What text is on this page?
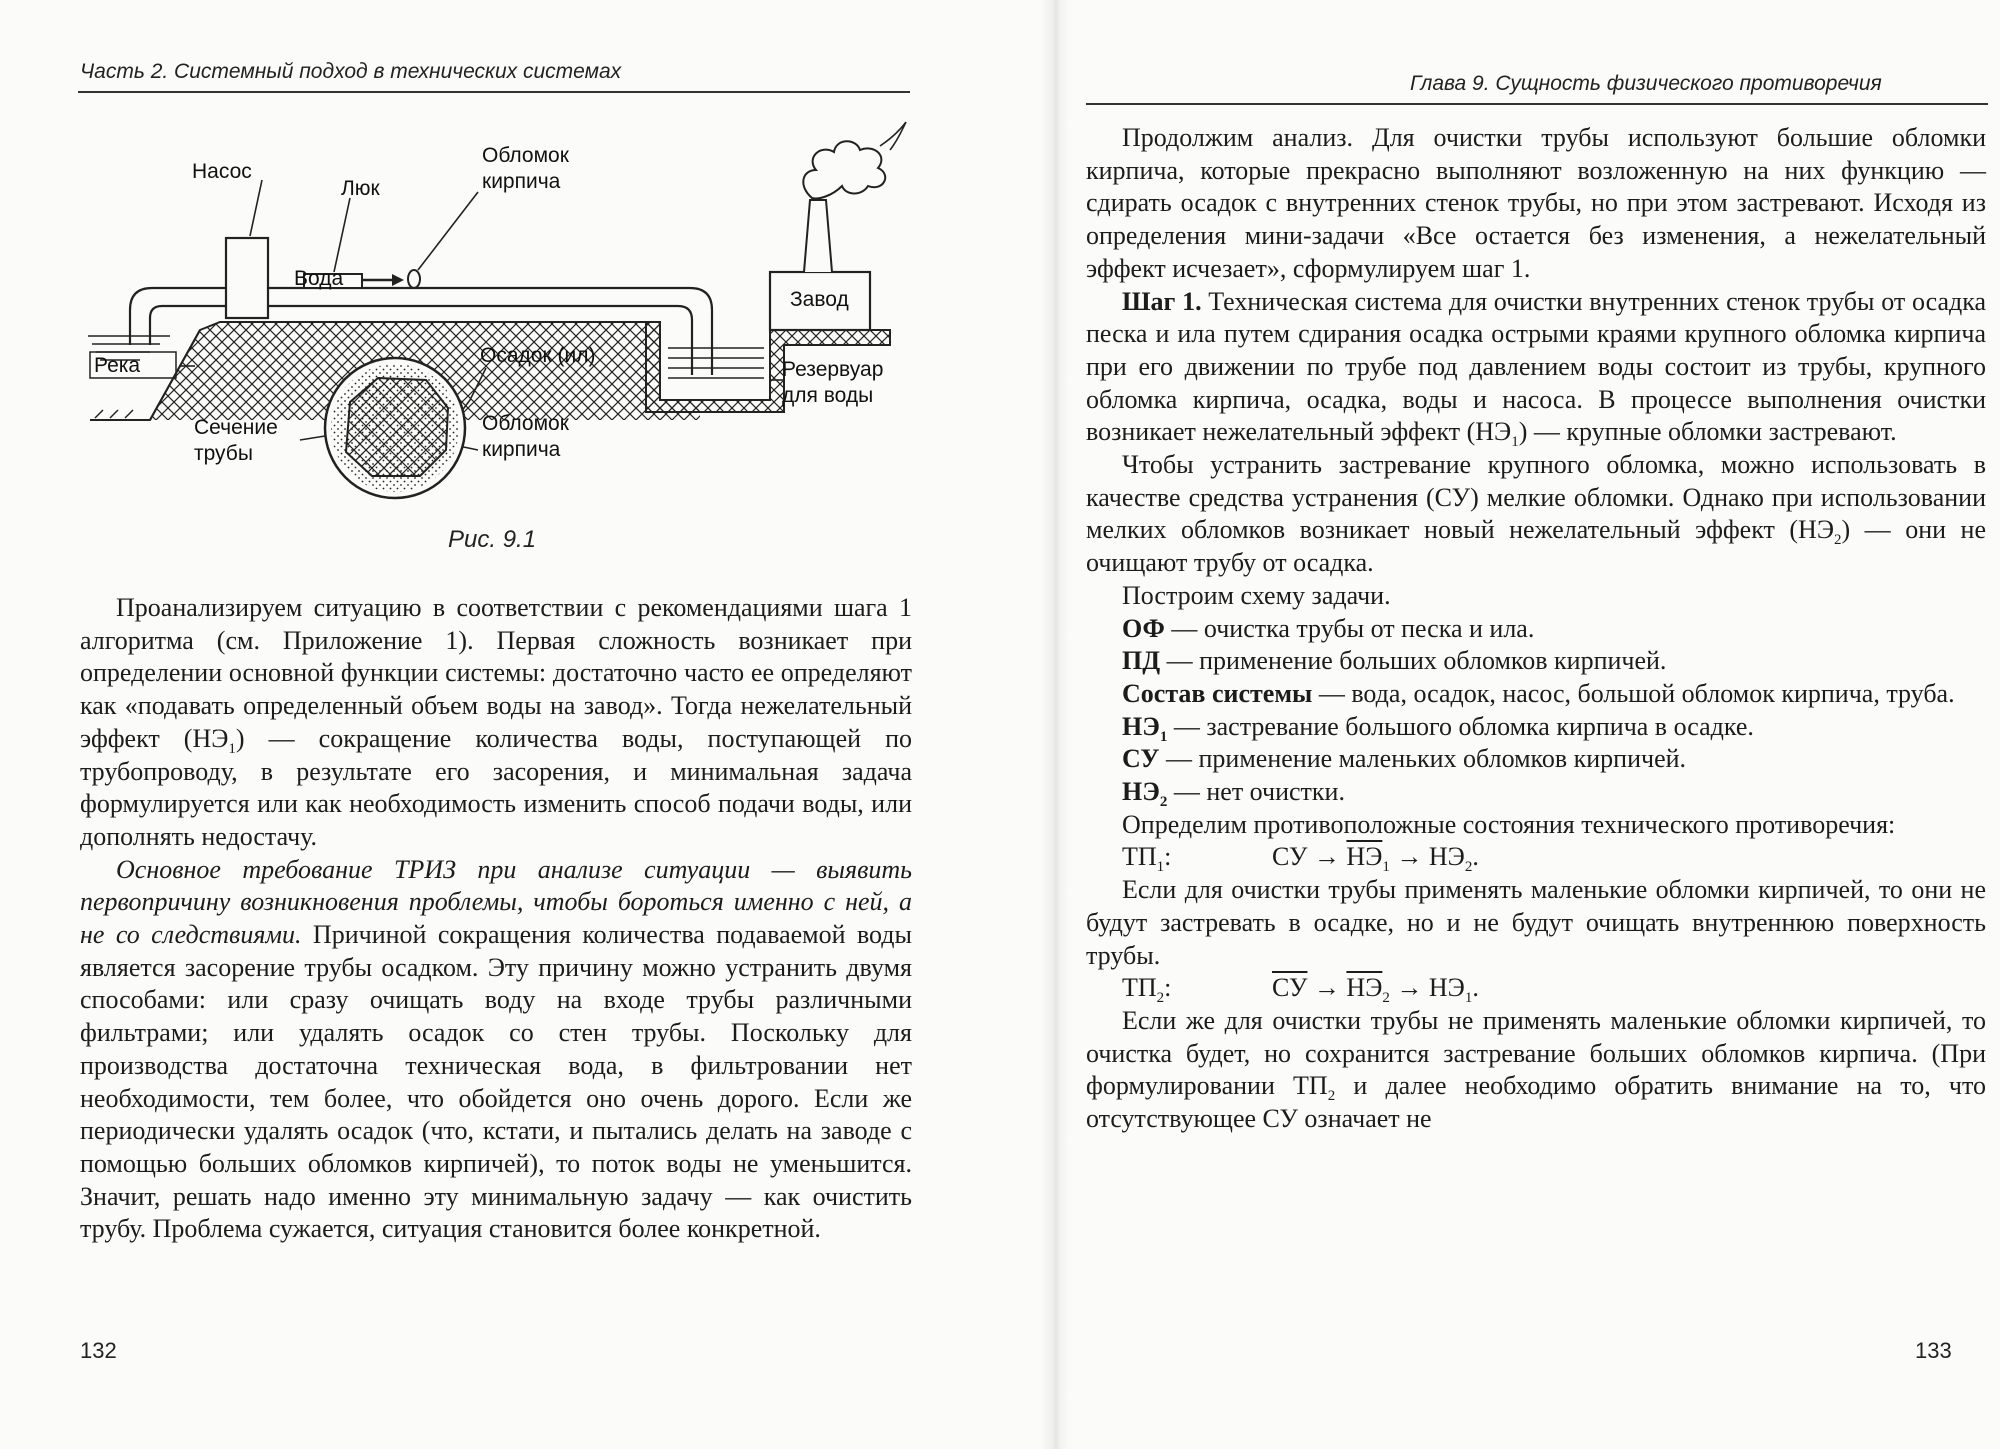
Часть 2. Системный подход в технических системах
Насос
Люк
Обломок
кирпича
Вода
Завод
Река	Осадок (ил)
Резервуар
для воды
Сечение
трубы
Обломок
кирпича
Рис. 9.1

Проанализируем ситуацию в соответствии с рекомендациями шага 1 алгоритма (см. Приложение 1). Первая сложность возникает при определении основной функции системы: достаточно часто ее определяют как «подавать определенный объем воды на завод». Тогда нежелательный эффект $(НЭ_1)$ — сокращение количества воды, поступающей по трубопроводу, в результате его засорения, и минимальная задача формулируется или как необходимость изменить способ подачи воды, или дополнять недостачу.

Основное требование ТРИЗ при анализе ситуации — выявить первопричину возникновения проблемы, чтобы бороться именно с ней, а не со следствиями. Причиной сокращения количества подаваемой воды является засорение трубы осадком. Эту причину можно устранить двумя способами: или сразу очищать воду на входе трубы различными фильтрами; или удалять осадок со стен трубы. Поскольку для производства достаточна техническая вода, в фильтровании нет необходимости, тем более, что обойдется оно очень дорого. Если же периодически удалять осадок (что, кстати, и пытались делать на заводе с помощью больших обломков кирпичей), то поток воды не уменьшится. Значит, решать надо именно эту минимальную задачу — как очистить трубу. Проблема сужается, ситуация становится более конкретной.

132
Глава 9. Сущность физического противоречия

Продолжим анализ. Для очистки трубы используют большие обломки кирпича, которые прекрасно выполняют возложенную на них функцию — сдирать осадок с внутренних стенок трубы, но при этом застревают. Исходя из определения мини-задачи «Все остается без изменения, а нежелательный эффект исчезает», сформулируем шаг 1.

Шаг 1. Техническая система для очистки внутренних стенок трубы от осадка песка и ила путем сдирания осадка острыми краями крупного обломка кирпича при его движении по трубе под давлением воды состоит из трубы, крупного обломка кирпича, осадка, воды и насоса. В процессе выполнения очистки возникает нежелательный эффект $(НЭ_1)$ — крупные обломки застревают.

Чтобы устранить застревание крупного обломка, можно использовать в качестве средства устранения (СУ) мелкие обломки. Однако при использовании мелких обломков возникает новый нежелательный эффект $(НЭ_2)$ — они не очищают трубу от осадка.

Построим схему задачи.

ОФ — очистка трубы от песка и ила.

ПД — применение больших обломков кирпичей.

Состав системы — вода, осадок, насос, большой обломок кирпича, труба.

$НЭ_1$ — застревание большого обломка кирпича в осадке.

СУ — применение маленьких обломков кирпичей.

$НЭ_2$ — нет очистки.

Определим противоположные состояния технического противоречия:

$ТП_1$:	СУ → $НЭ_1 \to НЭ_2$.

Если для очистки трубы применять маленькие обломки кирпичей, то они не будут застревать в осадке, но и не будут очищать внутреннюю поверхность трубы.

$ТП_2$:	СУ → $НЭ_2 \to НЭ_1$.

Если же для очистки трубы не применять маленькие обломки кирпичей, то очистка будет, но сохранится застревание больших обломков кирпича. (При формулировании $ТП_2$ и далее необходимо обратить внимание на то, что отсутствующее СУ означает не

133
